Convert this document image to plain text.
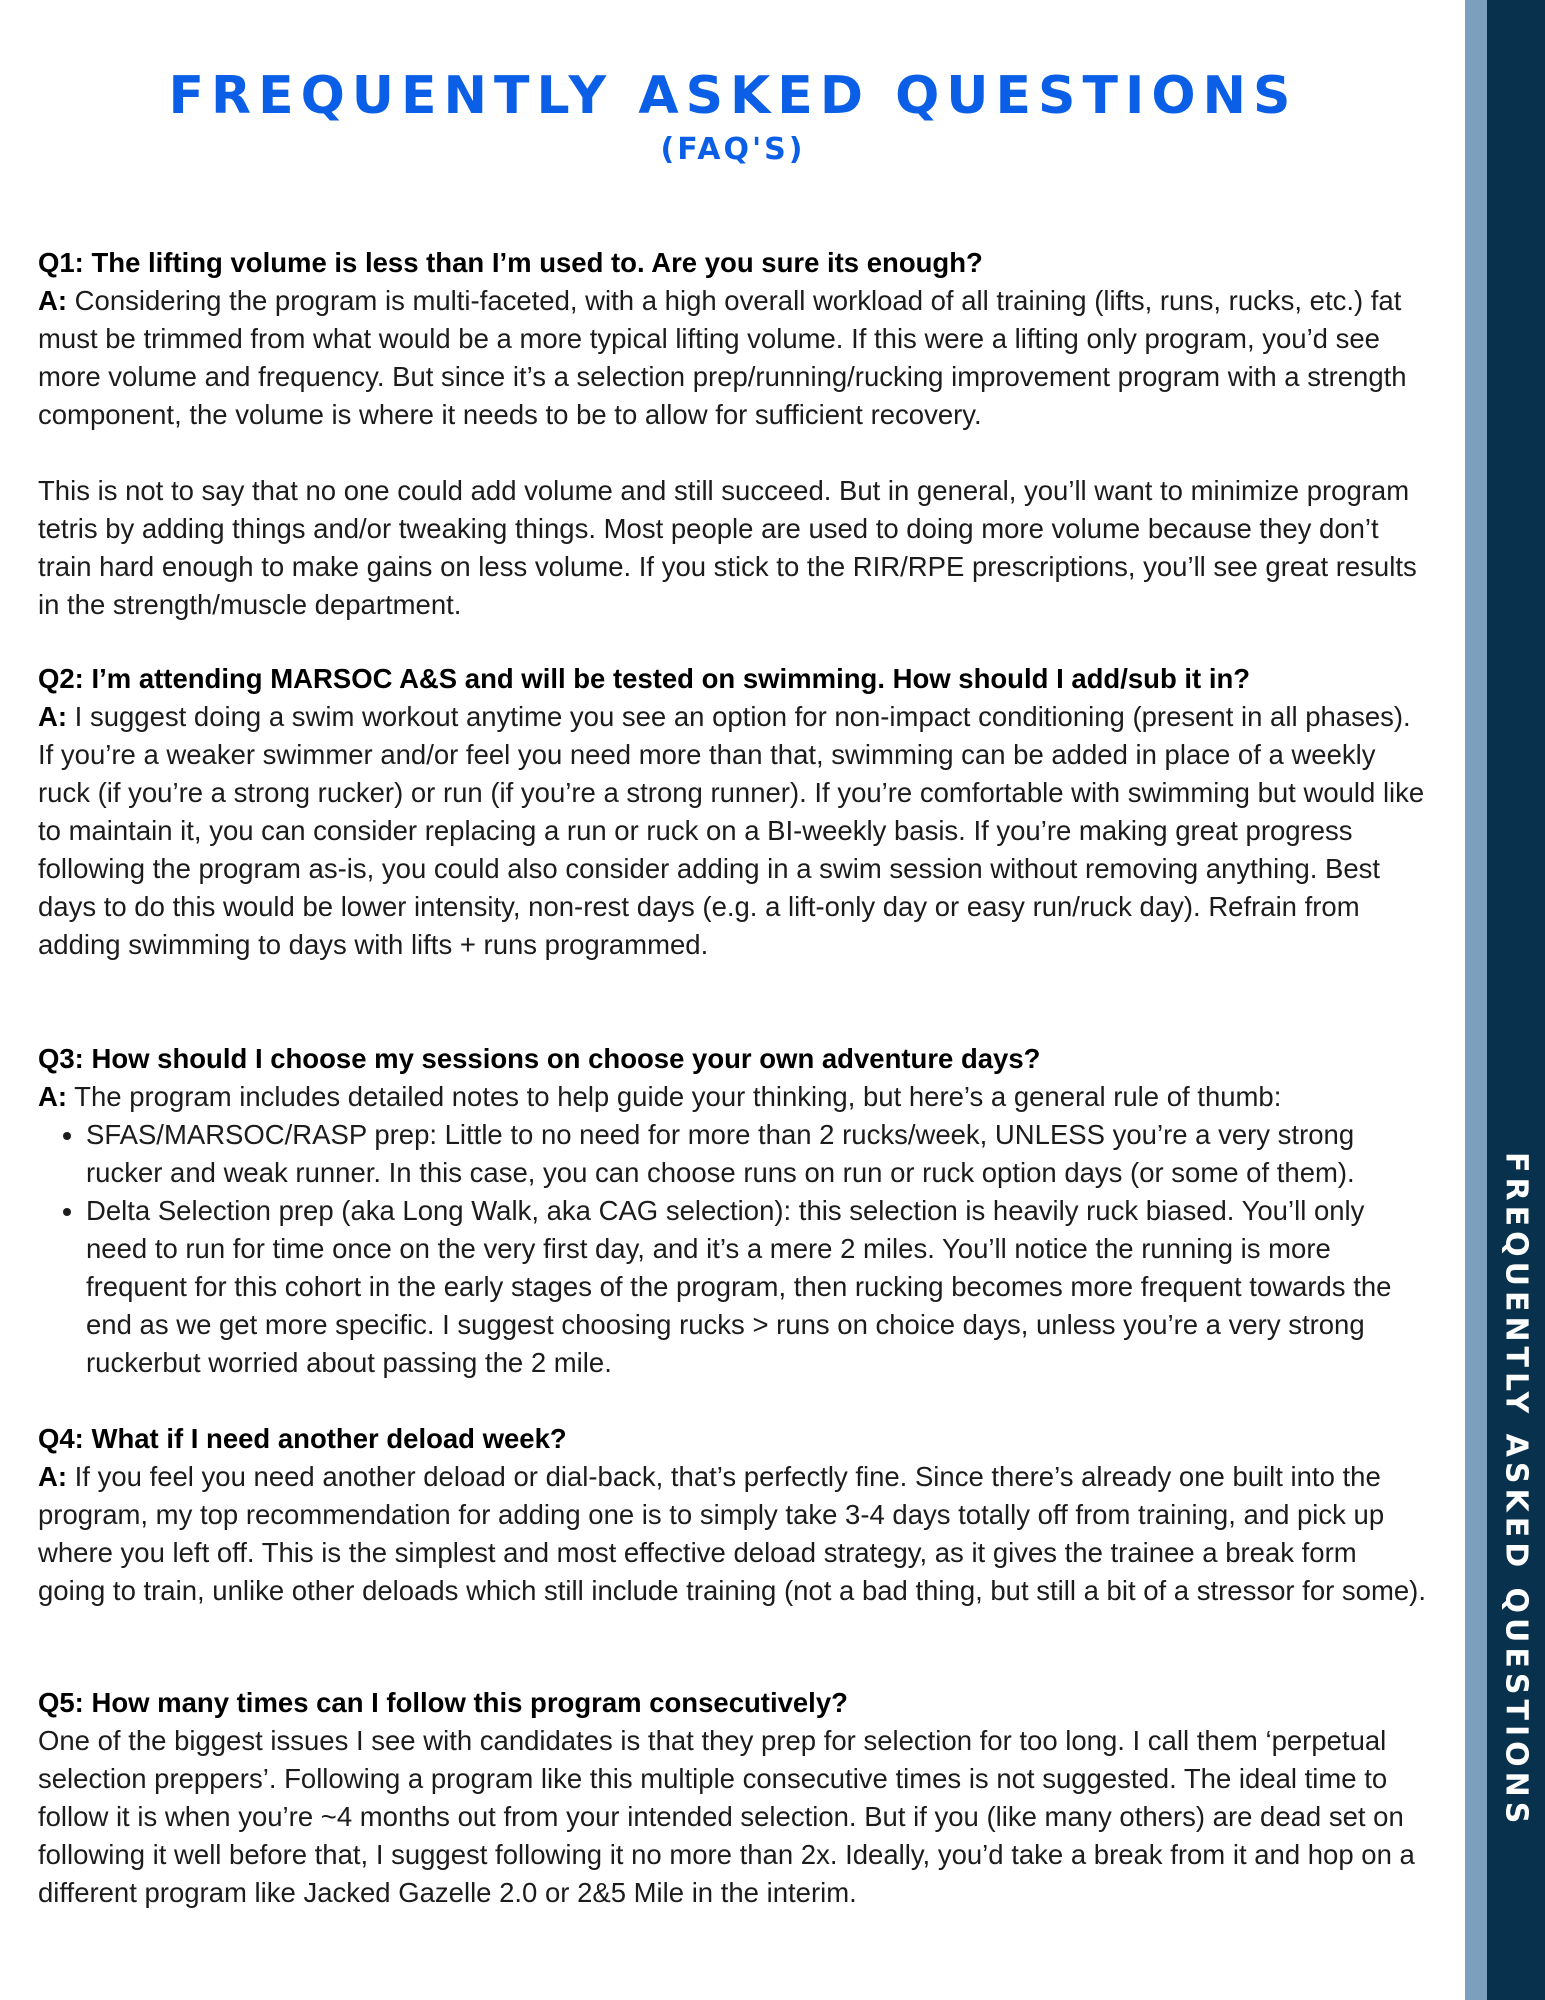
FREQUENTLY ASKED QUESTIONS
(FAQ'S)

Q1: The lifting volume is less than I’m used to. Are you sure its enough?

A: Considering the program is multi-faceted, with a high overall workload of all training (lifts, runs, rucks, etc.) fat must be trimmed from what would be a more typical lifting volume. If this were a lifting only program, you’d see more volume and frequency. But since it’s a selection prep/running/rucking improvement program with a strength component, the volume is where it needs to be to allow for sufficient recovery.

This is not to say that no one could add volume and still succeed. But in general, you’ll want to minimize program tetris by adding things and/or tweaking things. Most people are used to doing more volume because they don’t train hard enough to make gains on less volume. If you stick to the RIR/RPE prescriptions, you’ll see great results in the strength/muscle department.

Q2: I’m attending MARSOC A&S and will be tested on swimming. How should I add/sub it in?

A: I suggest doing a swim workout anytime you see an option for non-impact conditioning (present in all phases). If you’re a weaker swimmer and/or feel you need more than that, swimming can be added in place of a weekly ruck (if you’re a strong rucker) or run (if you’re a strong runner). If you’re comfortable with swimming but would like to maintain it, you can consider replacing a run or ruck on a BI-weekly basis. If you’re making great progress following the program as-is, you could also consider adding in a swim session without removing anything. Best days to do this would be lower intensity, non-rest days (e.g. a lift-only day or easy run/ruck day). Refrain from adding swimming to days with lifts + runs programmed.

Q3: How should I choose my sessions on choose your own adventure days?

A: The program includes detailed notes to help guide your thinking, but here’s a general rule of thumb:

• SFAS/MARSOC/RASP prep: Little to no need for more than 2 rucks/week, UNLESS you’re a very strong rucker and weak runner. In this case, you can choose runs on run or ruck option days (or some of them).
• Delta Selection prep (aka Long Walk, aka CAG selection): this selection is heavily ruck biased. You’ll only need to run for time once on the very first day, and it’s a mere 2 miles. You’ll notice the running is more frequent for this cohort in the early stages of the program, then rucking becomes more frequent towards the end as we get more specific. I suggest choosing rucks > runs on choice days, unless you’re a very strong ruckerbut worried about passing the 2 mile.

Q4: What if I need another deload week?

A: If you feel you need another deload or dial-back, that’s perfectly fine. Since there’s already one built into the program, my top recommendation for adding one is to simply take 3-4 days totally off from training, and pick up where you left off. This is the simplest and most effective deload strategy, as it gives the trainee a break form going to train, unlike other deloads which still include training (not a bad thing, but still a bit of a stressor for some).

Q5: How many times can I follow this program consecutively?

One of the biggest issues I see with candidates is that they prep for selection for too long. I call them ‘perpetual selection preppers’. Following a program like this multiple consecutive times is not suggested. The ideal time to follow it is when you’re ~4 months out from your intended selection. But if you (like many others) are dead set on following it well before that, I suggest following it no more than 2x. Ideally, you’d take a break from it and hop on a different program like Jacked Gazelle 2.0 or 2&5 Mile in the interim.

FREQUENTLY ASKED QUESTIONS
